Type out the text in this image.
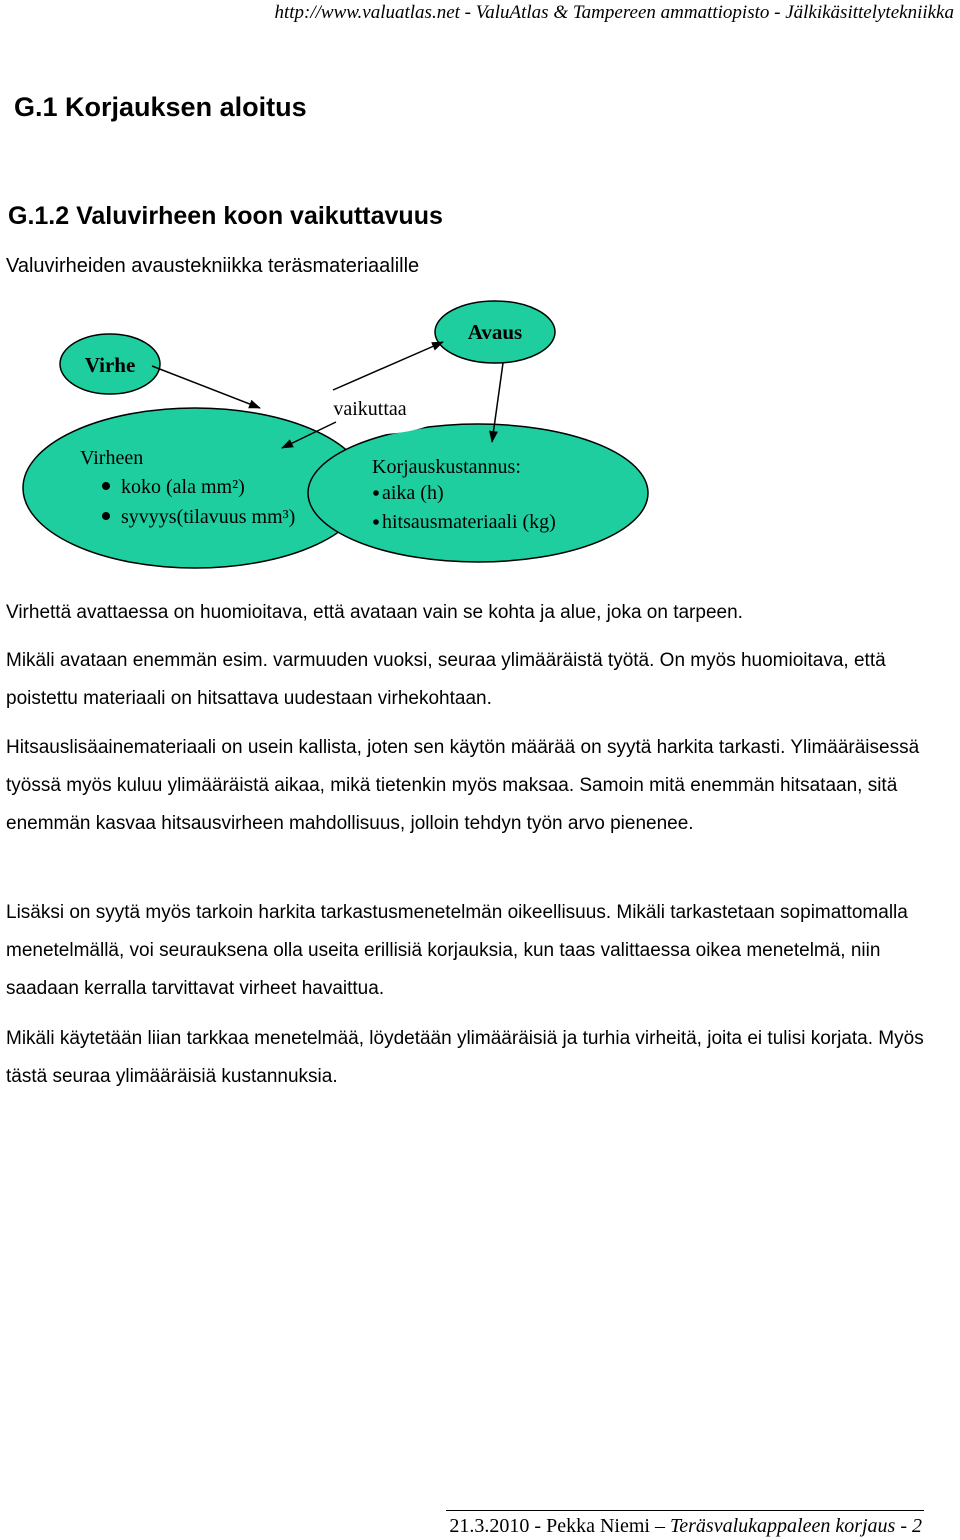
http://www.valuatlas.net - ValuAtlas & Tampereen ammattiopisto - Jälkikäsittelytekniikka
G.1 Korjauksen aloitus
G.1.2 Valuvirheen koon vaikuttavuus
Valuvirheiden avaustekniikka teräsmateriaalille
Virhe
Avaus
vaikuttaa
Virheen
koko (ala mm²)
syvyys(tilavuus mm³)
Korjauskustannus:
aika (h)
hitsausmateriaali (kg)

Virhettä avattaessa on huomioitava, että avataan vain se kohta ja alue, joka on tarpeen.

Mikäli avataan enemmän esim. varmuuden vuoksi, seuraa ylimääräistä työtä. On myös huomioitava, että poistettu materiaali on hitsattava uudestaan virhekohtaan.

Hitsauslisäainemateriaali on usein kallista, joten sen käytön määrää on syytä harkita tarkasti. Ylimääräisessä työssä myös kuluu ylimääräistä aikaa, mikä tietenkin myös maksaa. Samoin mitä enemmän hitsataan, sitä enemmän kasvaa hitsausvirheen mahdollisuus, jolloin tehdyn työn arvo pienenee.

Lisäksi on syytä myös tarkoin harkita tarkastusmenetelmän oikeellisuus. Mikäli tarkastetaan sopimattomalla menetelmällä, voi seurauksena olla useita erillisiä korjauksia, kun taas valittaessa oikea menetelmä, niin saadaan kerralla tarvittavat virheet havaittua.

Mikäli käytetään liian tarkkaa menetelmää, löydetään ylimääräisiä ja turhia virheitä, joita ei tulisi korjata. Myös tästä seuraa ylimääräisiä kustannuksia.

21.3.2010 - Pekka Niemi – Teräsvalukappaleen korjaus - 2
